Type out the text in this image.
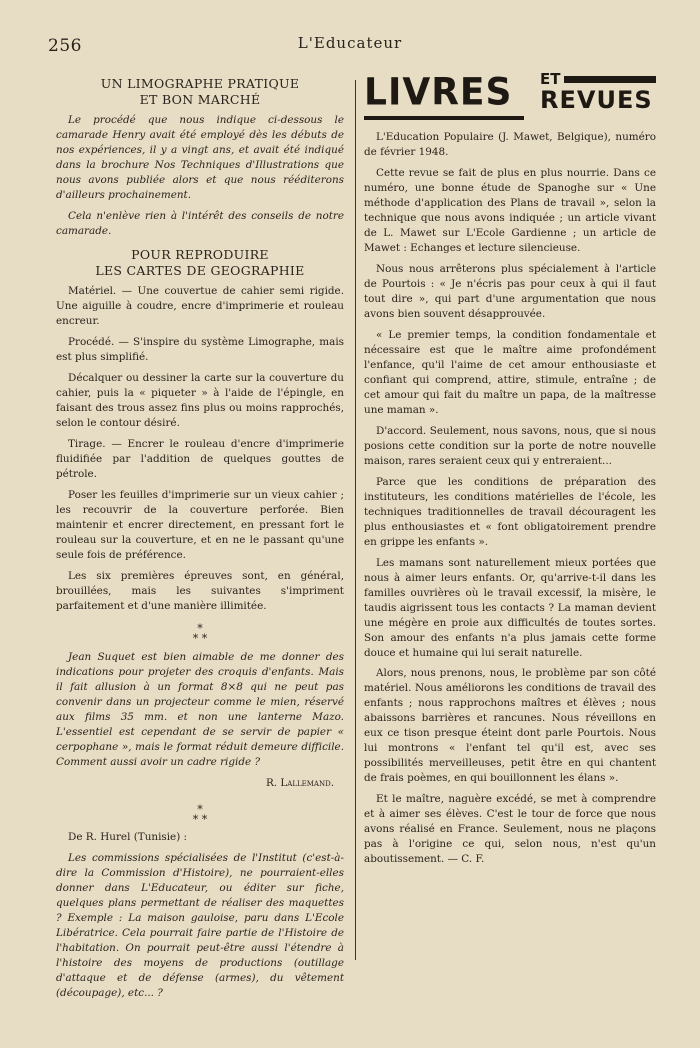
256	L'Educateur
UN LIMOGRAPHE PRATIQUE
ET BON MARCHÉ

Le procédé que nous indique ci-dessous le camarade Henry avait été employé dès les débuts de nos expériences, il y a vingt ans, et avait été indiqué dans la brochure Nos Techniques d'Illustrations que nous avons publiée alors et que nous rééditerons d'ailleurs prochainement.

Cela n'enlève rien à l'intérêt des conseils de notre camarade.

POUR REPRODUIRE
LES CARTES DE GEOGRAPHIE

Matériel. — Une couvertue de cahier semi rigide. Une aiguille à coudre, encre d'imprimerie et rouleau encreur.

Procédé. — S'inspire du système Limographe, mais est plus simplifié.

Décalquer ou dessiner la carte sur la couverture du cahier, puis la « piqueter » à l'aide de l'épingle, en faisant des trous assez fins plus ou moins rapprochés, selon le contour désiré.

Tirage. — Encrer le rouleau d'encre d'imprimerie fluidifiée par l'addition de quelques gouttes de pétrole.

Poser les feuilles d'imprimerie sur un vieux cahier ; les recouvrir de la couverture perforée. Bien maintenir et encrer directement, en pressant fort le rouleau sur la couverture, et en ne le passant qu'une seule fois de préférence.

Les six premières épreuves sont, en général, brouillées, mais les suivantes s'impriment parfaitement et d'une manière illimitée.

*
* *

Jean Suquet est bien aimable de me donner des indications pour projeter des croquis d'enfants. Mais il fait allusion à un format 8×8 qui ne peut pas convenir dans un projecteur comme le mien, réservé aux films 35 mm. et non une lanterne Mazo. L'essentiel est cependant de se servir de papier « cerpophane », mais le format réduit demeure difficile. Comment aussi avoir un cadre rigide ?

R. Lallemand.
*
* *

De R. Hurel (Tunisie) :

Les commissions spécialisées de l'Institut (c'est-à-dire la Commission d'Histoire), ne pourraient-elles donner dans L'Educateur, ou éditer sur fiche, quelques plans permettant de réaliser des maquettes ? Exemple : La maison gauloise, paru dans L'Ecole Libératrice. Cela pourrait faire partie de l'Histoire de l'habitation. On pourrait peut-être aussi l'étendre à l'histoire des moyens de productions (outillage d'attaque et de défense (armes), du vêtement (découpage), etc... ?

LIVRES ET
REVUES

L'Education Populaire (J. Mawet, Belgique), numéro de février 1948.

Cette revue se fait de plus en plus nourrie. Dans ce numéro, une bonne étude de Spanoghe sur « Une méthode d'application des Plans de travail », selon la technique que nous avons indiquée ; un article vivant de L. Mawet sur L'Ecole Gardienne ; un article de Mawet : Echanges et lecture silencieuse.

Nous nous arrêterons plus spécialement à l'article de Pourtois : « Je n'écris pas pour ceux à qui il faut tout dire », qui part d'une argumentation que nous avons bien souvent désapprouvée.

« Le premier temps, la condition fondamentale et nécessaire est que le maître aime profondément l'enfance, qu'il l'aime de cet amour enthousiaste et confiant qui comprend, attire, stimule, entraîne ; de cet amour qui fait du maître un papa, de la maîtresse une maman ».

D'accord. Seulement, nous savons, nous, que si nous posions cette condition sur la porte de notre nouvelle maison, rares seraient ceux qui y entreraient...

Parce que les conditions de préparation des instituteurs, les conditions matérielles de l'école, les techniques traditionnelles de travail découragent les plus enthousiastes et « font obligatoirement prendre en grippe les enfants ».

Les mamans sont naturellement mieux portées que nous à aimer leurs enfants. Or, qu'arrive-t-il dans les familles ouvrières où le travail excessif, la misère, le taudis aigrissent tous les contacts ? La maman devient une mégère en proie aux difficultés de toutes sortes. Son amour des enfants n'a plus jamais cette forme douce et humaine qui lui serait naturelle.

Alors, nous prenons, nous, le problème par son côté matériel. Nous améliorons les conditions de travail des enfants ; nous rapprochons maîtres et élèves ; nous abaissons barrières et rancunes. Nous réveillons en eux ce tison presque éteint dont parle Pourtois. Nous lui montrons « l'enfant tel qu'il est, avec ses possibilités merveilleuses, petit être en qui chantent de frais poèmes, en qui bouillonnent les élans ».

Et le maître, naguère excédé, se met à comprendre et à aimer ses élèves. C'est le tour de force que nous avons réalisé en France. Seulement, nous ne plaçons pas à l'origine ce qui, selon nous, n'est qu'un aboutissement. — C. F.
